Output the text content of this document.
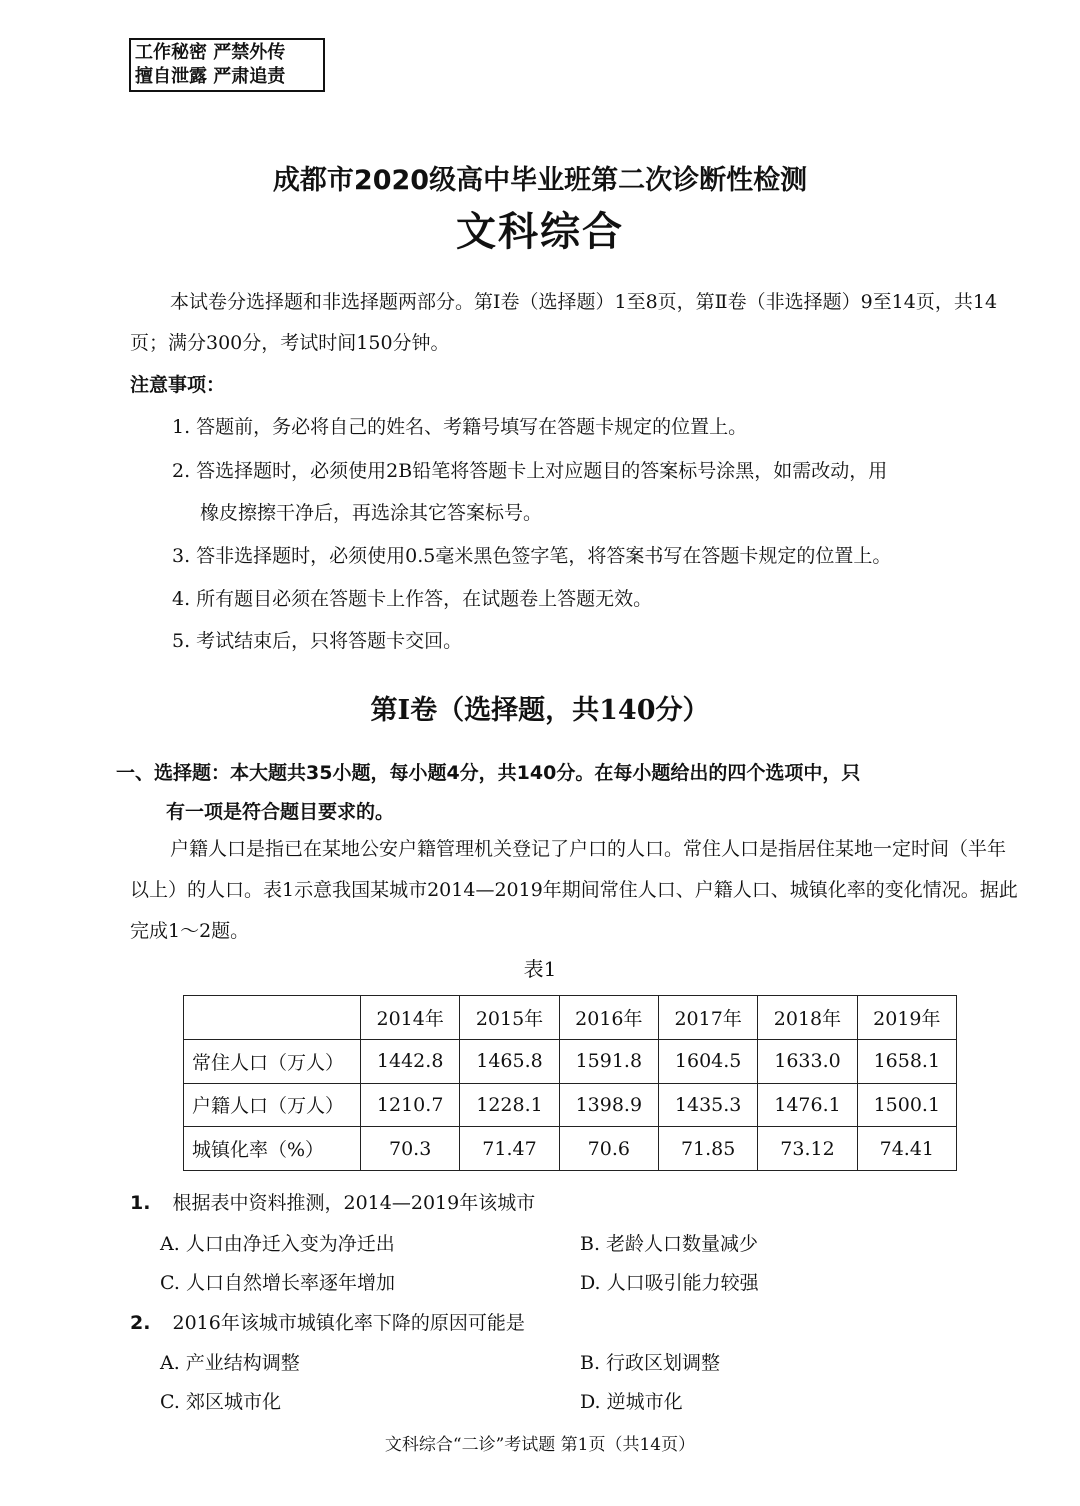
工作秘密 严禁外传
擅自泄露 严肃追责
成都市2020级高中毕业班第二次诊断性检测
文科综合
本试卷分选择题和非选择题两部分。第Ⅰ卷（选择题）1至8页，第Ⅱ卷（非选择题）9至14页，共14页；满分300分，考试时间150分钟。
注意事项：
1. 答题前，务必将自己的姓名、考籍号填写在答题卡规定的位置上。
2. 答选择题时，必须使用2B铅笔将答题卡上对应题目的答案标号涂黑，如需改动，用
橡皮擦擦干净后，再选涂其它答案标号。
3. 答非选择题时，必须使用0.5毫米黑色签字笔，将答案书写在答题卡规定的位置上。
4. 所有题目必须在答题卡上作答，在试题卷上答题无效。
5. 考试结束后，只将答题卡交回。
第Ⅰ卷（选择题，共140分）
一、选择题：本大题共35小题，每小题4分，共140分。在每小题给出的四个选项中，只
有一项是符合题目要求的。
户籍人口是指已在某地公安户籍管理机关登记了户口的人口。常住人口是指居住某地一定时间（半年以上）的人口。表1示意我国某城市2014—2019年期间常住人口、户籍人口、城镇化率的变化情况。据此完成1～2题。
表1
	2014年	2015年	2016年	2017年	2018年	2019年
常住人口（万人）	1442.8	1465.8	1591.8	1604.5	1633.0	1658.1
户籍人口（万人）	1210.7	1228.1	1398.9	1435.3	1476.1	1500.1
城镇化率（%）	70.3	71.47	70.6	71.85	73.12	74.41
1. 根据表中资料推测，2014—2019年该城市
A. 人口由净迁入变为净迁出	B. 老龄人口数量减少
C. 人口自然增长率逐年增加	D. 人口吸引能力较强
2. 2016年该城市城镇化率下降的原因可能是
A. 产业结构调整	B. 行政区划调整
C. 郊区城市化	D. 逆城市化
文科综合“二诊”考试题 第1页（共14页）
